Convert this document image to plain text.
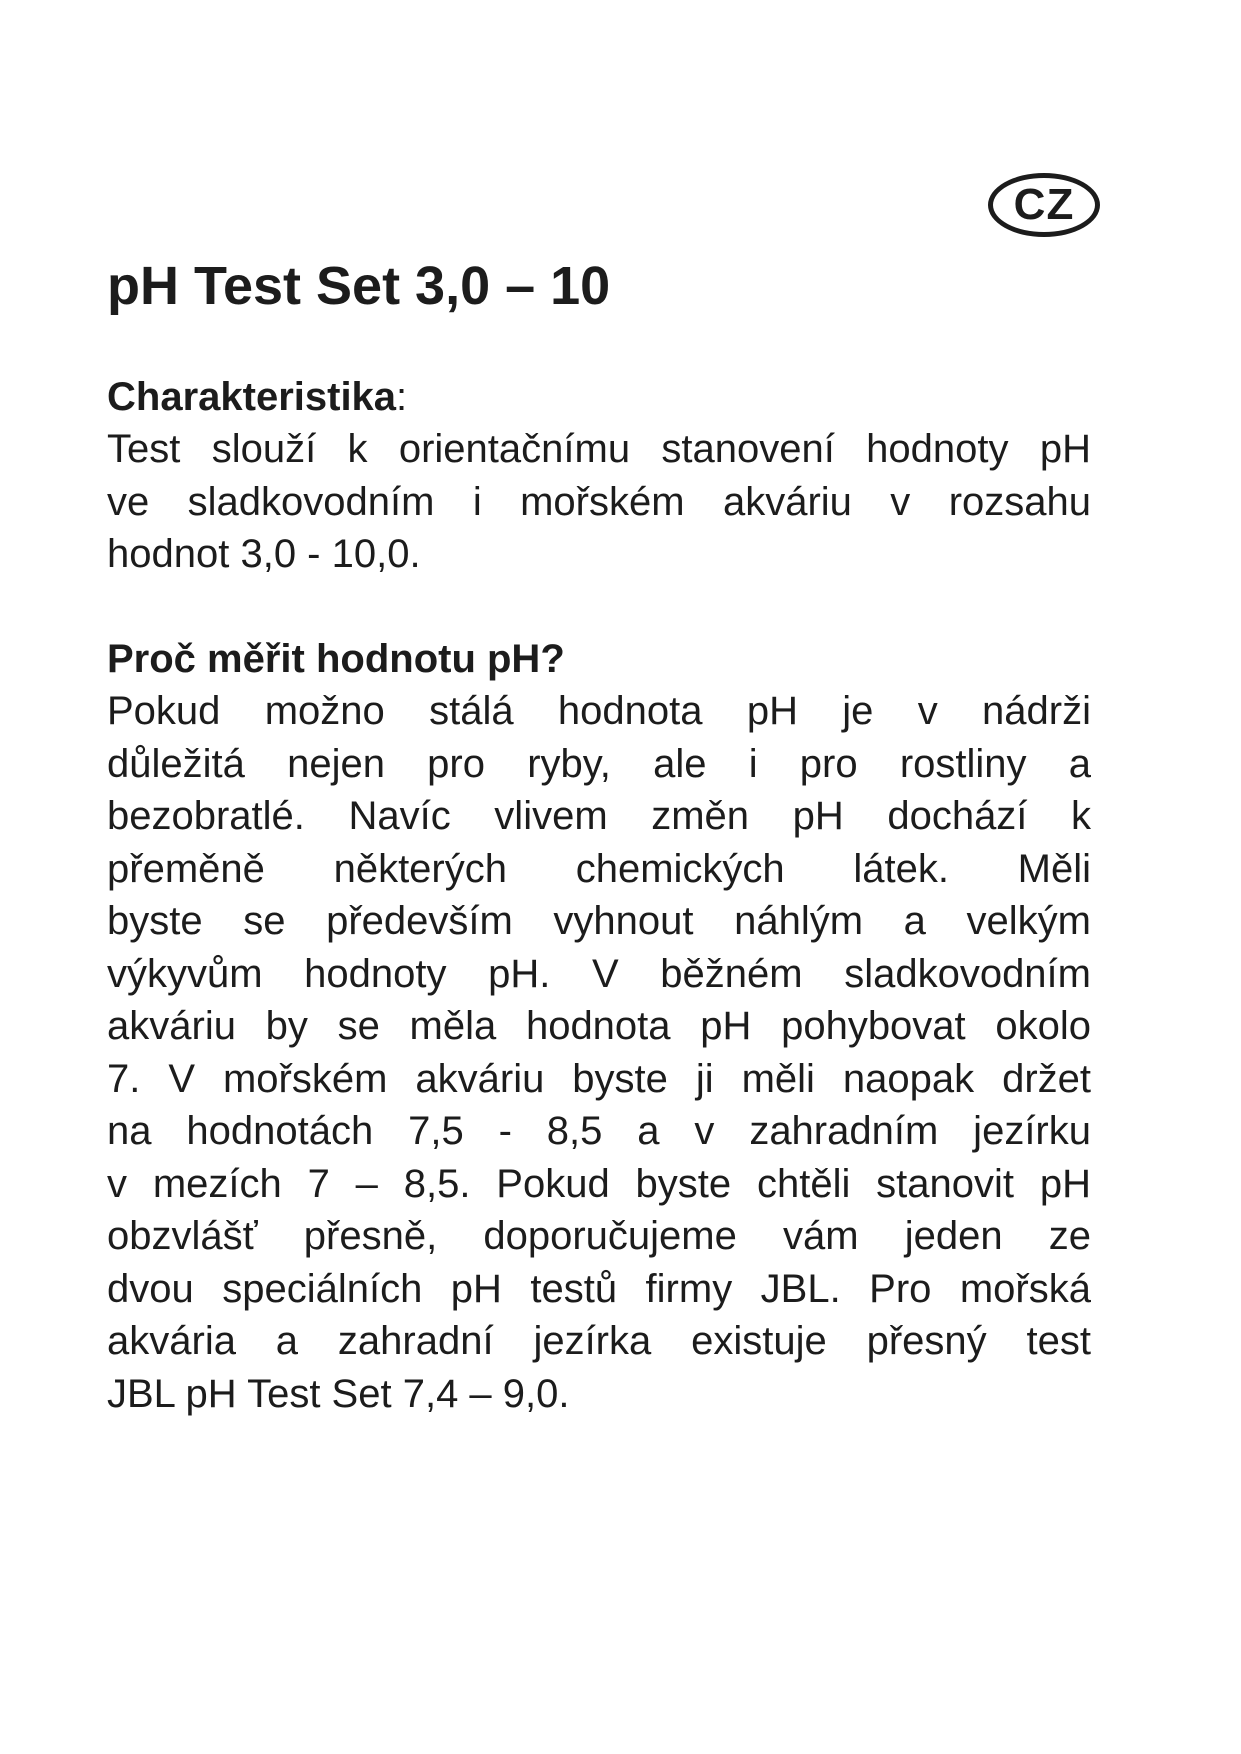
CZ
pH Test Set 3,0 – 10

Charakteristika:

Test slouží k orientačnímu stanovení hodnoty pH
ve sladkovodním i mořském akváriu v rozsahu
hodnot 3,0 - 10,0.

Proč měřit hodnotu pH?

Pokud možno stálá hodnota pH je v nádrži
důležitá nejen pro ryby, ale i pro rostliny a
bezobratlé. Navíc vlivem změn pH dochází k
přeměně některých chemických látek. Měli
byste se především vyhnout náhlým a velkým
výkyvům hodnoty pH. V běžném sladkovodním
akváriu by se měla hodnota pH pohybovat okolo
7. V mořském akváriu byste ji měli naopak držet
na hodnotách 7,5 - 8,5 a v zahradním jezírku
v mezích 7 – 8,5. Pokud byste chtěli stanovit pH
obzvlášť přesně, doporučujeme vám jeden ze
dvou speciálních pH testů firmy JBL. Pro mořská
akvária a zahradní jezírka existuje přesný test
JBL pH Test Set 7,4 – 9,0.
